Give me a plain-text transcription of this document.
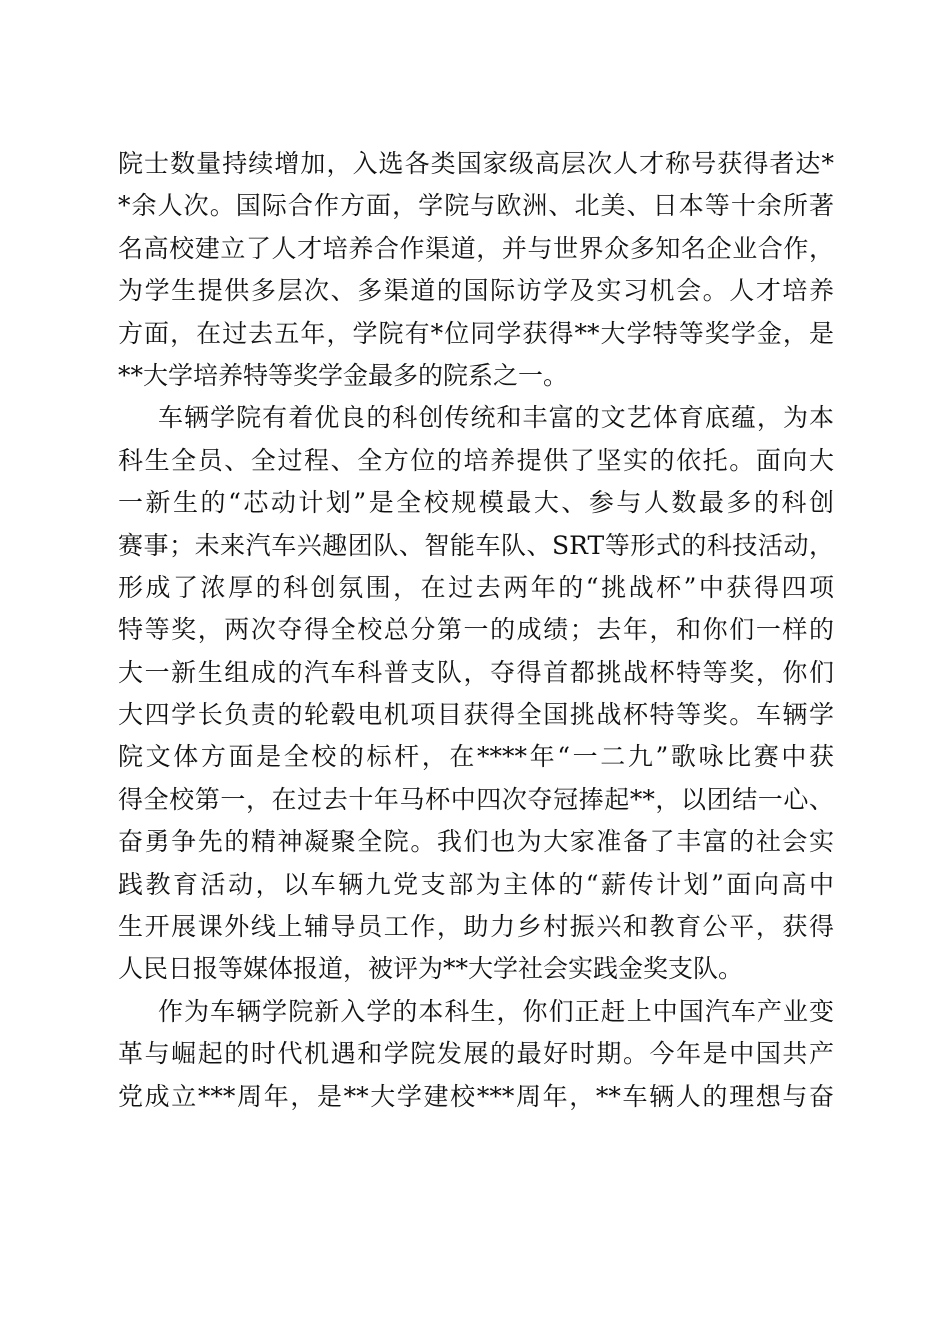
院士数量持续增加，入选各类国家级高层次人才称号获得者达*
*余人次。国际合作方面，学院与欧洲、北美、日本等十余所著
名高校建立了人才培养合作渠道，并与世界众多知名企业合作，
为学生提供多层次、多渠道的国际访学及实习机会。人才培养
方面，在过去五年，学院有*位同学获得**大学特等奖学金，是
**大学培养特等奖学金最多的院系之一。
车辆学院有着优良的科创传统和丰富的文艺体育底蕴，为本
科生全员、全过程、全方位的培养提供了坚实的依托。面向大
一新生的“芯动计划”是全校规模最大、参与人数最多的科创
赛事；未来汽车兴趣团队、智能车队、SRT等形式的科技活动，
形成了浓厚的科创氛围，在过去两年的“挑战杯”中获得四项
特等奖，两次夺得全校总分第一的成绩；去年，和你们一样的
大一新生组成的汽车科普支队，夺得首都挑战杯特等奖，你们
大四学长负责的轮毂电机项目获得全国挑战杯特等奖。车辆学
院文体方面是全校的标杆，在****年“一二九”歌咏比赛中获
得全校第一，在过去十年马杯中四次夺冠捧起**，以团结一心、
奋勇争先的精神凝聚全院。我们也为大家准备了丰富的社会实
践教育活动，以车辆九党支部为主体的“薪传计划”面向高中
生开展课外线上辅导员工作，助力乡村振兴和教育公平，获得
人民日报等媒体报道，被评为**大学社会实践金奖支队。
作为车辆学院新入学的本科生，你们正赶上中国汽车产业变
革与崛起的时代机遇和学院发展的最好时期。今年是中国共产
党成立***周年，是**大学建校***周年，**车辆人的理想与奋
